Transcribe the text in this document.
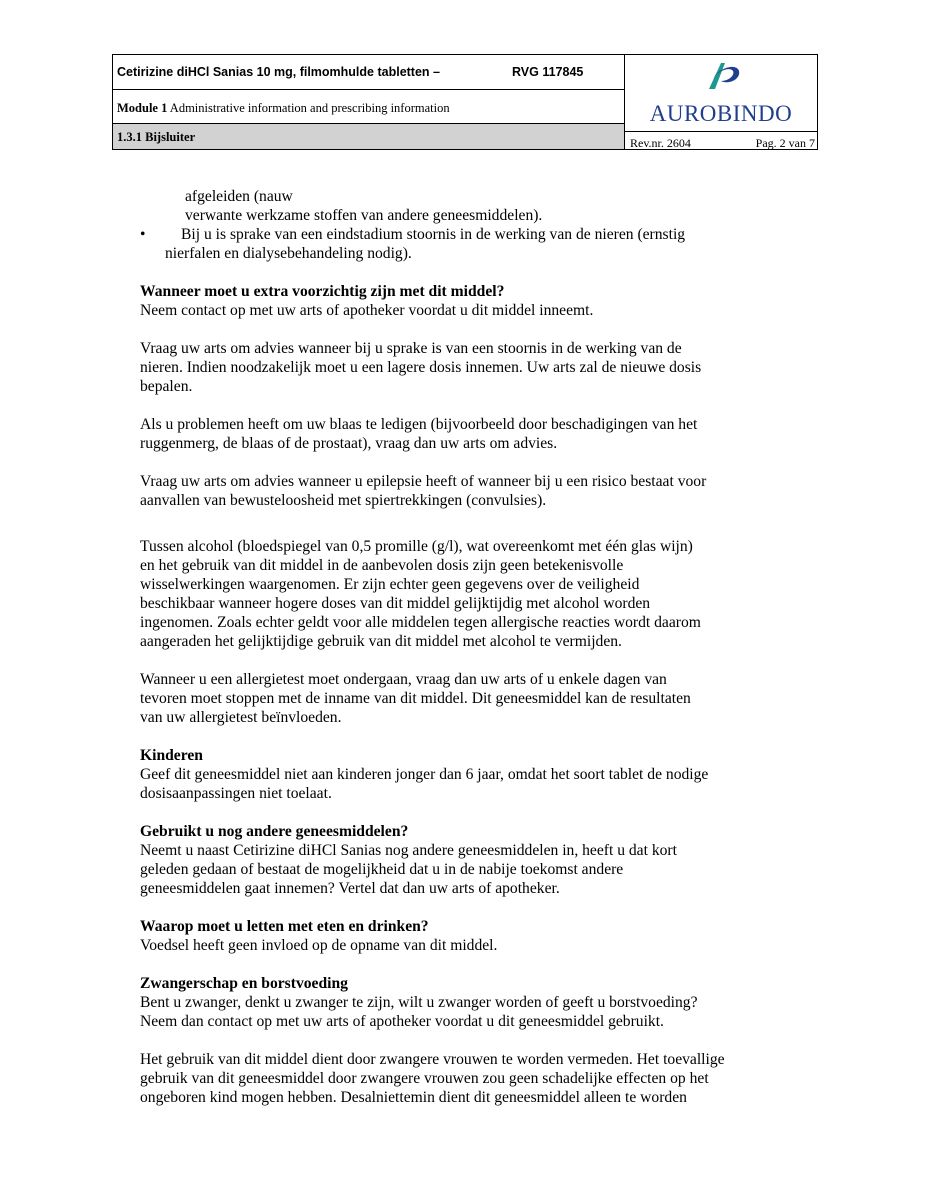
Cetirizine diHCl Sanias 10 mg, filmomhulde tabletten –	RVG 117845
Module 1 Administrative information and prescribing information
1.3.1 Bijsluiter
AUROBINDO
Rev.nr. 2604	Pag. 2 van 7

afgeleiden (nauw
verwante werkzame stoffen van andere geneesmiddelen).

•	Bij u is sprake van een eindstadium stoornis in de werking van de nieren (ernstig
nierfalen en dialysebehandeling nodig).
Wanneer moet u extra voorzichtig zijn met dit middel?

Neem contact op met uw arts of apotheker voordat u dit middel inneemt.

Vraag uw arts om advies wanneer bij u sprake is van een stoornis in de werking van de
nieren. Indien noodzakelijk moet u een lagere dosis innemen. Uw arts zal de nieuwe dosis
bepalen.

Als u problemen heeft om uw blaas te ledigen (bijvoorbeeld door beschadigingen van het
ruggenmerg, de blaas of de prostaat), vraag dan uw arts om advies.

Vraag uw arts om advies wanneer u epilepsie heeft of wanneer bij u een risico bestaat voor
aanvallen van bewusteloosheid met spiertrekkingen (convulsies).

Tussen alcohol (bloedspiegel van 0,5 promille (g/l), wat overeenkomt met één glas wijn)
en het gebruik van dit middel in de aanbevolen dosis zijn geen betekenisvolle
wisselwerkingen waargenomen. Er zijn echter geen gegevens over de veiligheid
beschikbaar wanneer hogere doses van dit middel gelijktijdig met alcohol worden
ingenomen. Zoals echter geldt voor alle middelen tegen allergische reacties wordt daarom
aangeraden het gelijktijdige gebruik van dit middel met alcohol te vermijden.

Wanneer u een allergietest moet ondergaan, vraag dan uw arts of u enkele dagen van
tevoren moet stoppen met de inname van dit middel. Dit geneesmiddel kan de resultaten
van uw allergietest beïnvloeden.

Kinderen
Geef dit geneesmiddel niet aan kinderen jonger dan 6 jaar, omdat het soort tablet de nodige
dosisaanpassingen niet toelaat.
Gebruikt u nog andere geneesmiddelen?
Neemt u naast Cetirizine diHCl Sanias nog andere geneesmiddelen in, heeft u dat kort
geleden gedaan of bestaat de mogelijkheid dat u in de nabije toekomst andere
geneesmiddelen gaat innemen? Vertel dat dan uw arts of apotheker.
Waarop moet u letten met eten en drinken?
Voedsel heeft geen invloed op de opname van dit middel.
Zwangerschap en borstvoeding

Bent u zwanger, denkt u zwanger te zijn, wilt u zwanger worden of geeft u borstvoeding?
Neem dan contact op met uw arts of apotheker voordat u dit geneesmiddel gebruikt.

Het gebruik van dit middel dient door zwangere vrouwen te worden vermeden. Het toevallige
gebruik van dit geneesmiddel door zwangere vrouwen zou geen schadelijke effecten op het
ongeboren kind mogen hebben. Desalniettemin dient dit geneesmiddel alleen te worden
